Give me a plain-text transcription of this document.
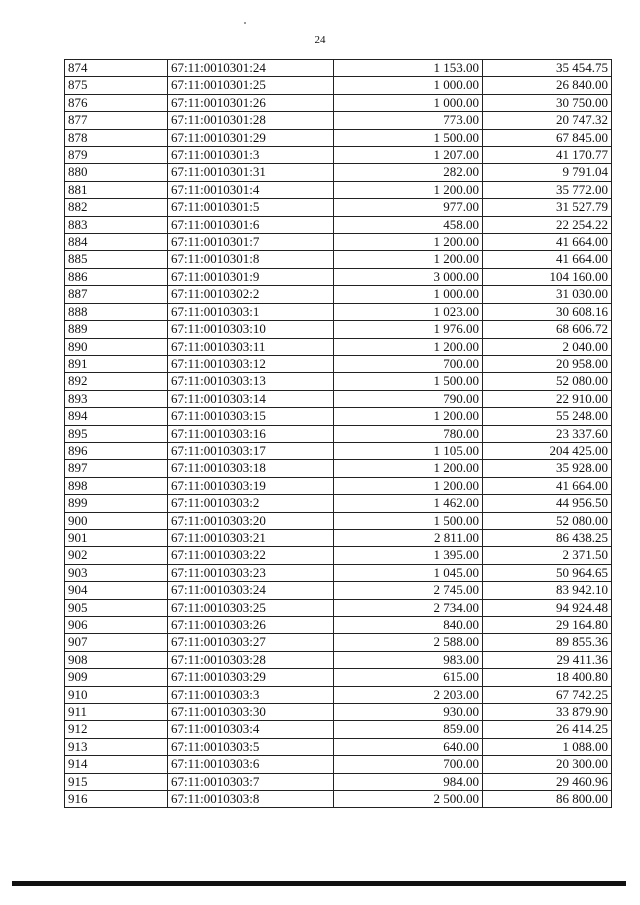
24
874	67:11:0010301:24	1 153.00	35 454.75
875	67:11:0010301:25	1 000.00	26 840.00
876	67:11:0010301:26	1 000.00	30 750.00
877	67:11:0010301:28	773.00	20 747.32
878	67:11:0010301:29	1 500.00	67 845.00
879	67:11:0010301:3	1 207.00	41 170.77
880	67:11:0010301:31	282.00	9 791.04
881	67:11:0010301:4	1 200.00	35 772.00
882	67:11:0010301:5	977.00	31 527.79
883	67:11:0010301:6	458.00	22 254.22
884	67:11:0010301:7	1 200.00	41 664.00
885	67:11:0010301:8	1 200.00	41 664.00
886	67:11:0010301:9	3 000.00	104 160.00
887	67:11:0010302:2	1 000.00	31 030.00
888	67:11:0010303:1	1 023.00	30 608.16
889	67:11:0010303:10	1 976.00	68 606.72
890	67:11:0010303:11	1 200.00	2 040.00
891	67:11:0010303:12	700.00	20 958.00
892	67:11:0010303:13	1 500.00	52 080.00
893	67:11:0010303:14	790.00	22 910.00
894	67:11:0010303:15	1 200.00	55 248.00
895	67:11:0010303:16	780.00	23 337.60
896	67:11:0010303:17	1 105.00	204 425.00
897	67:11:0010303:18	1 200.00	35 928.00
898	67:11:0010303:19	1 200.00	41 664.00
899	67:11:0010303:2	1 462.00	44 956.50
900	67:11:0010303:20	1 500.00	52 080.00
901	67:11:0010303:21	2 811.00	86 438.25
902	67:11:0010303:22	1 395.00	2 371.50
903	67:11:0010303:23	1 045.00	50 964.65
904	67:11:0010303:24	2 745.00	83 942.10
905	67:11:0010303:25	2 734.00	94 924.48
906	67:11:0010303:26	840.00	29 164.80
907	67:11:0010303:27	2 588.00	89 855.36
908	67:11:0010303:28	983.00	29 411.36
909	67:11:0010303:29	615.00	18 400.80
910	67:11:0010303:3	2 203.00	67 742.25
911	67:11:0010303:30	930.00	33 879.90
912	67:11:0010303:4	859.00	26 414.25
913	67:11:0010303:5	640.00	1 088.00
914	67:11:0010303:6	700.00	20 300.00
915	67:11:0010303:7	984.00	29 460.96
916	67:11:0010303:8	2 500.00	86 800.00
